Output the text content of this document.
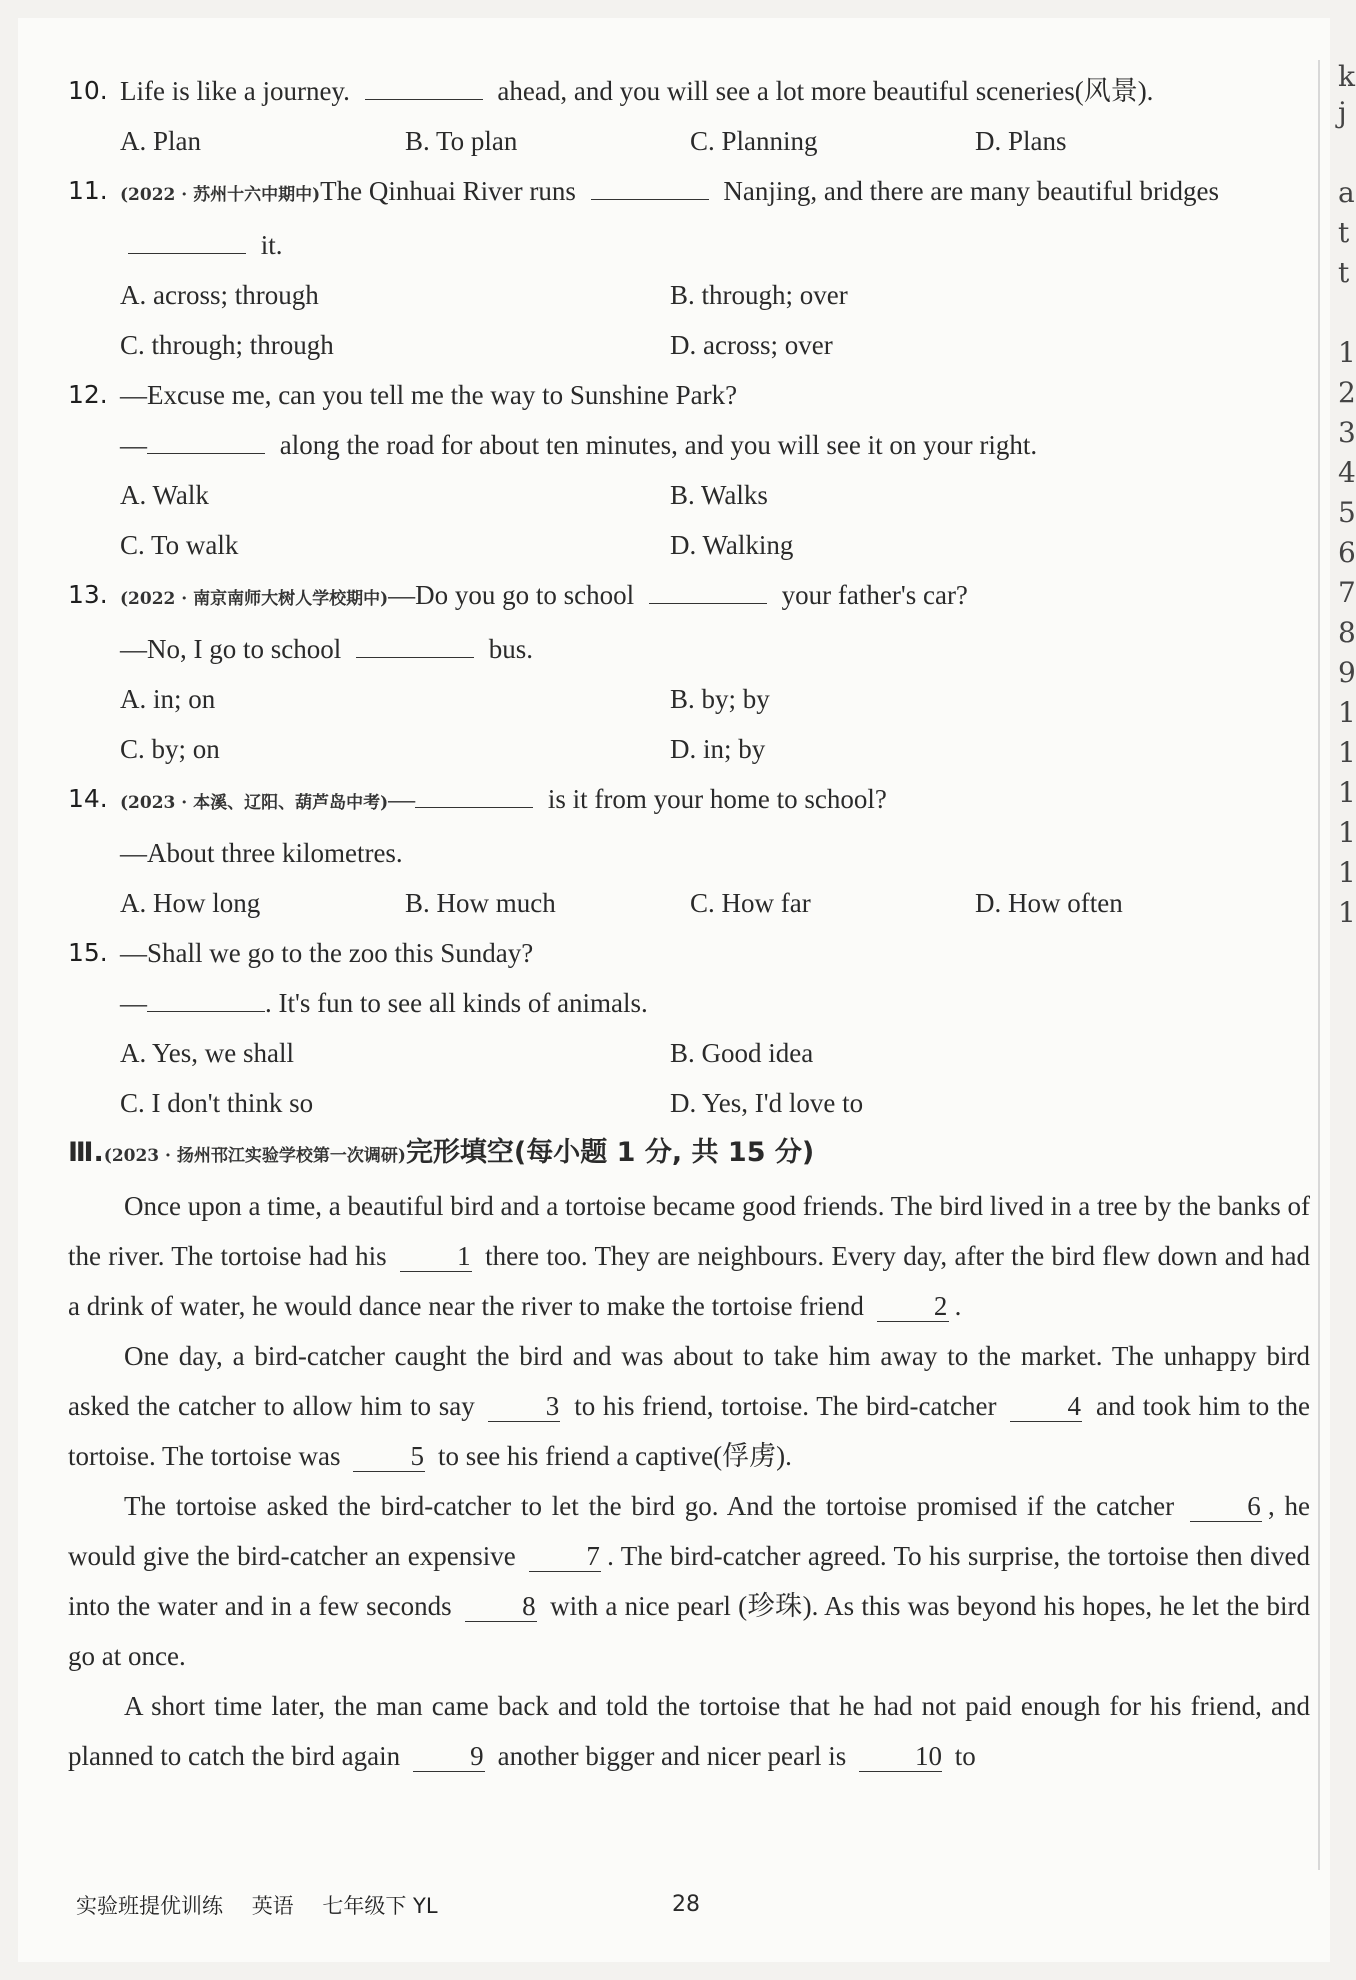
k
j
a
t
t
1
2
3
4
5
6
7
8
9
1
1
1
1
1
1
10. Life is like a journey.	ahead, and you will see a lot more beautiful sceneries(风景).
A. Plan	B. To plan	C. Planning	D. Plans
11. (2022 · 苏州十六中期中)The Qinhuai River runs	Nanjing, and there are many beautiful bridges  it.
A. across; through	B. through; over
C. through; through	D. across; over
12. —Excuse me, can you tell me the way to Sunshine Park?
—	along the road for about ten minutes, and you will see it on your right.
A. Walk	B. Walks
C. To walk	D. Walking
13. (2022 · 南京南师大树人学校期中)—Do you go to school	your father's car?
—No, I go to school	bus.
A. in; on	B. by; by
C. by; on	D. in; by
14. (2023 · 本溪、辽阳、葫芦岛中考)—	is it from your home to school?
—About three kilometres.
A. How long	B. How much	C. How far	D. How often
15. —Shall we go to the zoo this Sunday?
—	. It's fun to see all kinds of animals.
A. Yes, we shall	B. Good idea
C. I don't think so	D. Yes, I'd love to
Ⅲ.(2023 · 扬州邗江实验学校第一次调研)完形填空(每小题 1 分, 共 15 分)

Once upon a time, a beautiful bird and a tortoise became good friends. The bird lived in a tree by the banks of the river. The tortoise had his	1 there too. They are neighbours. Every day, after the bird flew down and had a drink of water, he would dance near the river to make the tortoise friend	2 .

One day, a bird-catcher caught the bird and was about to take him away to the market. The unhappy bird asked the catcher to allow him to say	3 to his friend, tortoise. The bird-catcher	4 and took him to the tortoise. The tortoise was	5 to see his friend a captive(俘虏).

The tortoise asked the bird-catcher to let the bird go. And the tortoise promised if the catcher	6 , he would give the bird-catcher an expensive	7 . The bird-catcher agreed. To his surprise, the tortoise then dived into the water and in a few seconds	8 with a nice pearl (珍珠). As this was beyond his hopes, he let the bird go at once.

A short time later, the man came back and told the tortoise that he had not paid enough for his friend, and planned to catch the bird again	9 another bigger and nicer pearl is	10 to

实验班提优训练 英语 七年级下 YL	28
